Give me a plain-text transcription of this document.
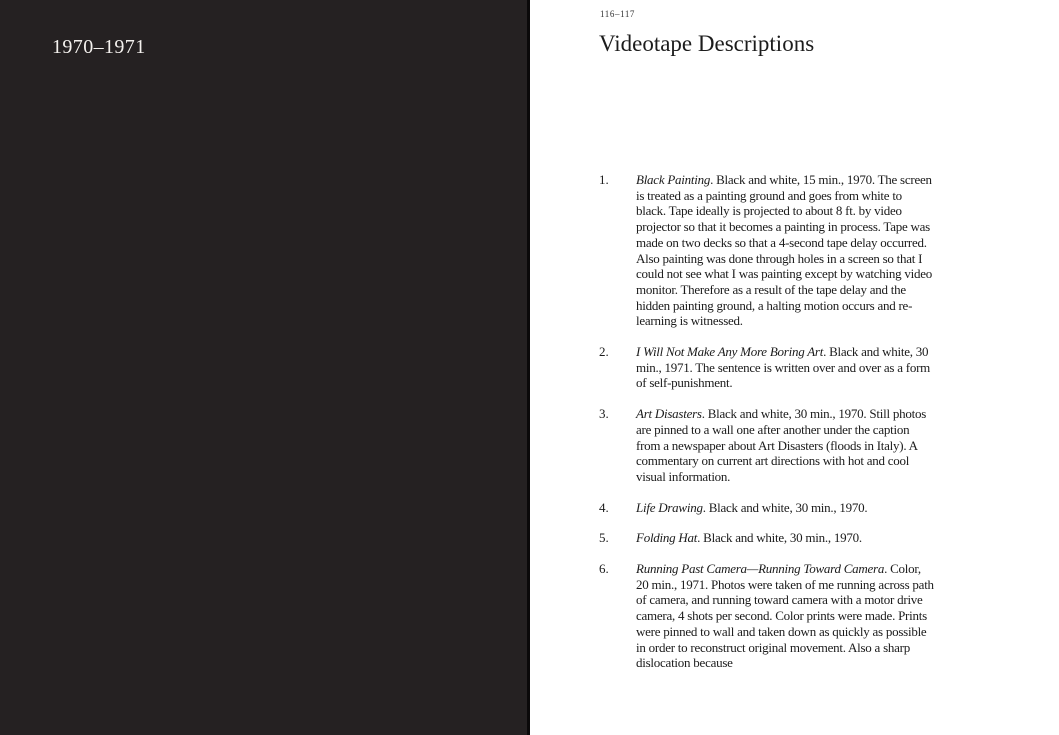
1970–1971
116–117
Videotape Descriptions
1.	Black Painting. Black and white, 15 min., 1970. The screen is treated as a painting ground and goes from white to black. Tape ideally is projected to about 8 ft. by video projector so that it becomes a painting in process. Tape was made on two decks so that a 4-second tape delay occurred. Also painting was done through holes in a screen so that I could not see what I was painting except by watching video monitor. Therefore as a result of the tape delay and the hidden painting ground, a halting motion occurs and re-learning is witnessed.
2.	I Will Not Make Any More Boring Art. Black and white, 30 min., 1971. The sentence is written over and over as a form of self-punishment.
3.	Art Disasters. Black and white, 30 min., 1970. Still photos are pinned to a wall one after another under the caption from a newspaper about Art Disasters (floods in Italy). A commentary on current art directions with hot and cool visual information.
4.	Life Drawing. Black and white, 30 min., 1970.
5.	Folding Hat. Black and white, 30 min., 1970.
6.	Running Past Camera—Running Toward Camera. Color, 20 min., 1971. Photos were taken of me running across path of camera, and running toward camera with a motor drive camera, 4 shots per second. Color prints were made. Prints were pinned to wall and taken down as quickly as possible in order to reconstruct original movement. Also a sharp dislocation because
